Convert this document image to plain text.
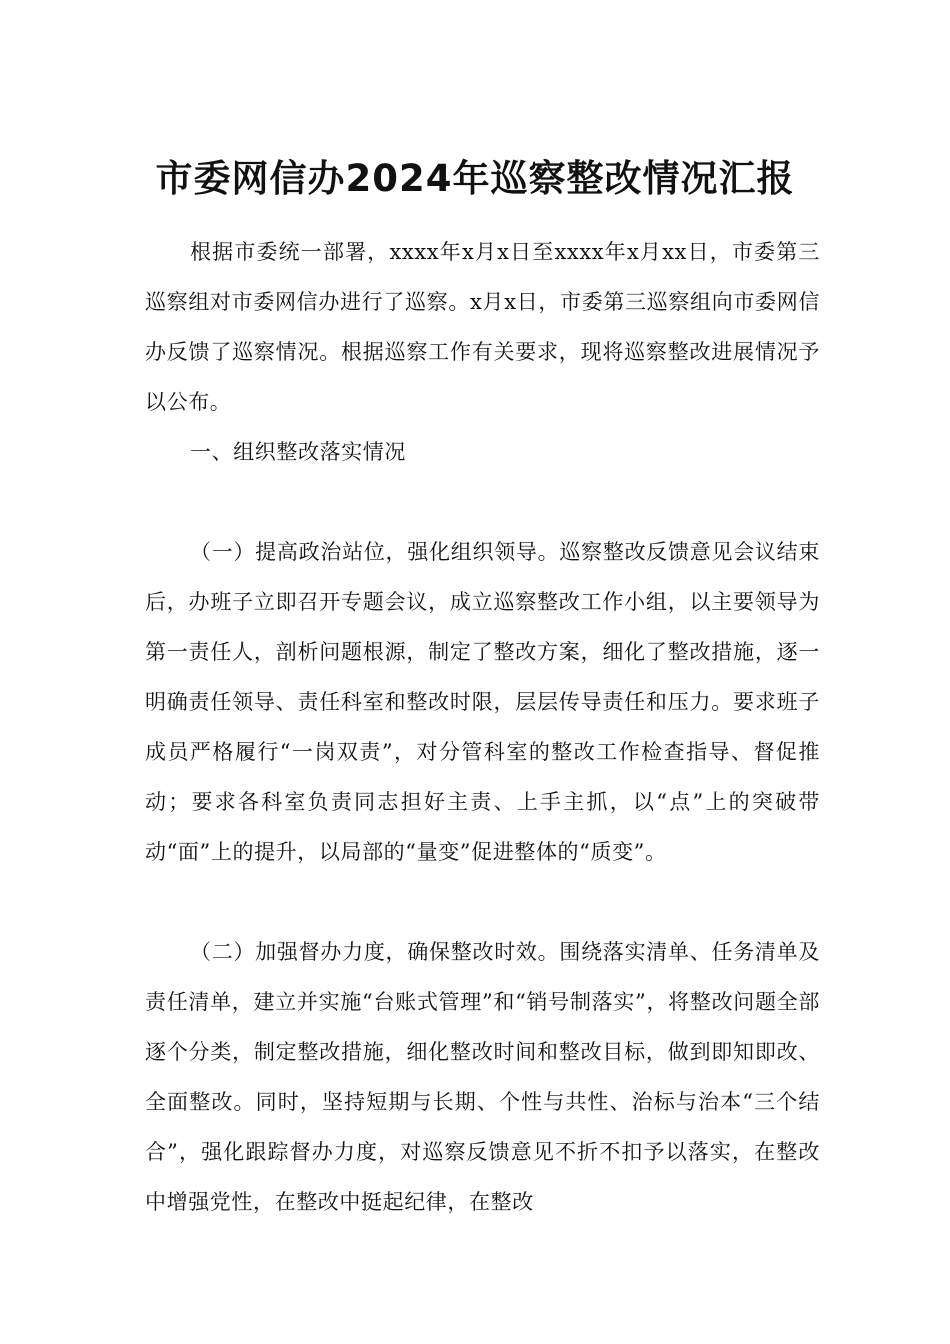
市委网信办2024年巡察整改情况汇报

根据市委统一部署，xxxx年x月x日至xxxx年x月xx日，市委第三巡察组对市委网信办进行了巡察。x月x日，市委第三巡察组向市委网信办反馈了巡察情况。根据巡察工作有关要求，现将巡察整改进展情况予以公布。

一、组织整改落实情况

（一）提高政治站位，强化组织领导。巡察整改反馈意见会议结束后，办班子立即召开专题会议，成立巡察整改工作小组，以主要领导为第一责任人，剖析问题根源，制定了整改方案，细化了整改措施，逐一明确责任领导、责任科室和整改时限，层层传导责任和压力。要求班子成员严格履行“一岗双责”，对分管科室的整改工作检查指导、督促推动；要求各科室负责同志担好主责、上手主抓，以“点”上的突破带动“面”上的提升，以局部的“量变”促进整体的“质变”。

（二）加强督办力度，确保整改时效。围绕落实清单、任务清单及责任清单，建立并实施“台账式管理”和“销号制落实”，将整改问题全部逐个分类，制定整改措施，细化整改时间和整改目标，做到即知即改、全面整改。同时，坚持短期与长期、个性与共性、治标与治本“三个结合”，强化跟踪督办力度，对巡察反馈意见不折不扣予以落实，在整改中增强党性，在整改中挺起纪律，在整改
